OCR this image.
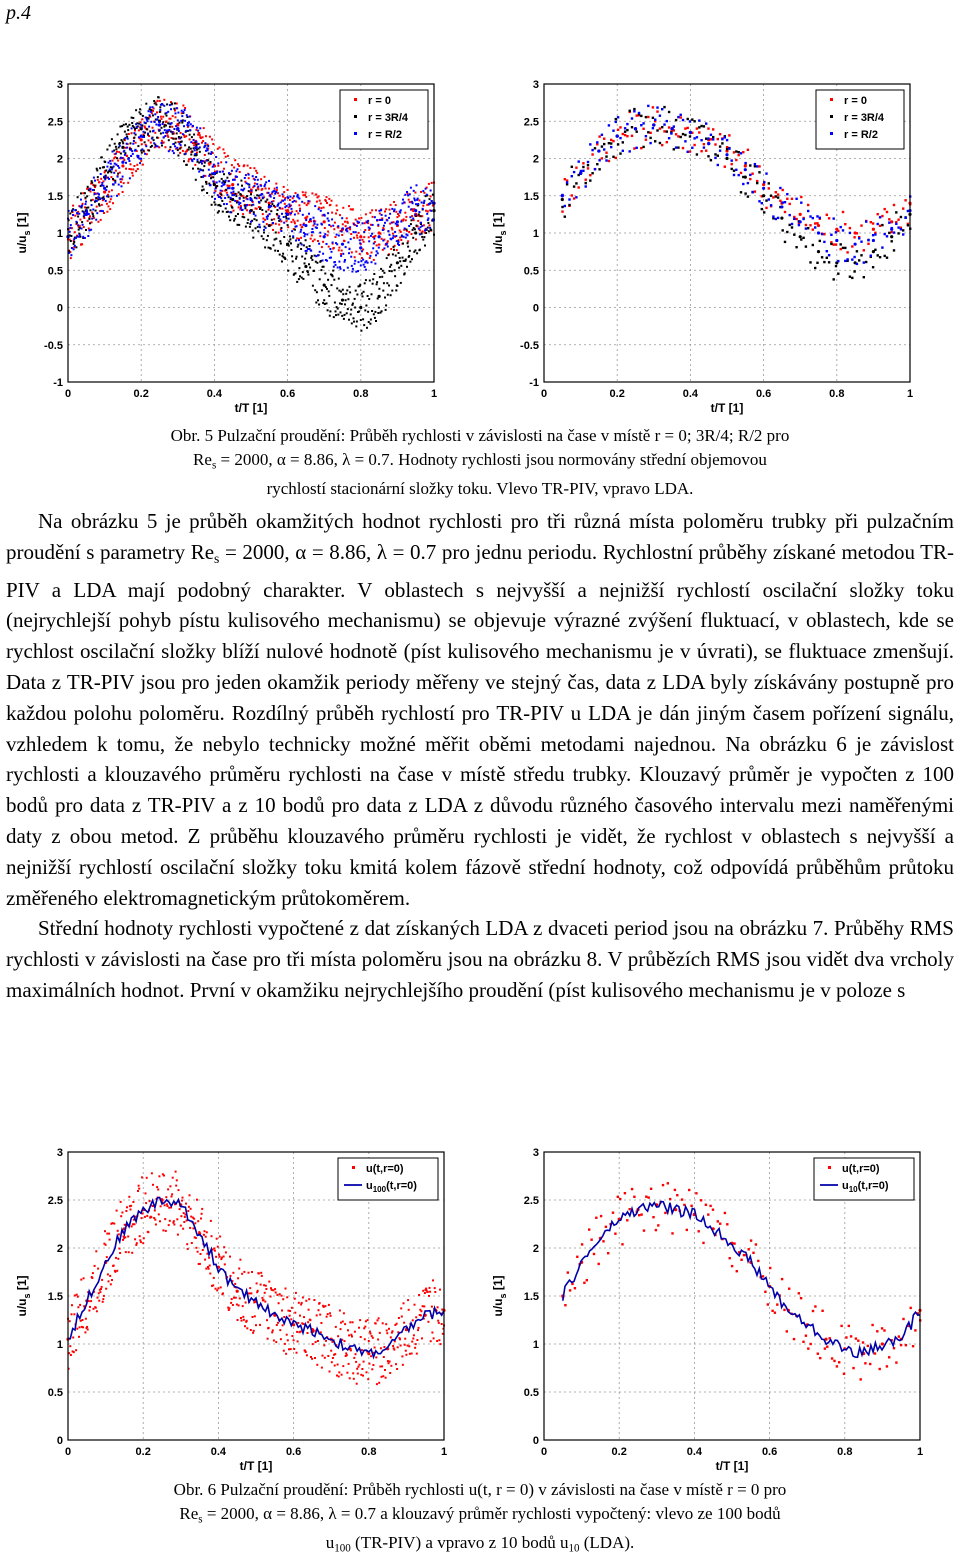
p.4
-1
-0.5
0
0.5
1
1.5
2
2.5
3
0	0.2	0.4	0.6	0.8	1
t/T [1]
$u/u_s$ [1]
r = 0
r = 3R/4
r = R/2
-1
-0.5
0
0.5
1
1.5
2
2.5
3
0	0.2	0.4	0.6	0.8	1
t/T [1]
$u/u_s$ [1]
r = 0
r = 3R/4
r = R/2
Obr. 5 Pulzační proudění: Průběh rychlosti v závislosti na čase v místě r = 0; 3R/4; R/2 pro
$Re_s = 2000$, α = 8.86, λ = 0.7. Hodnoty rychlosti jsou normovány střední objemovou
rychlostí stacionární složky toku. Vlevo TR-PIV, vpravo LDA.

Na obrázku 5 je průběh okamžitých hodnot rychlosti pro tři různá místa poloměru trubky při pulzačním proudění s parametry $Re_s = 2000$, α = 8.86, λ = 0.7 pro jednu periodu. Rychlostní průběhy získané metodou TR-PIV a LDA mají podobný charakter. V oblastech s nejvyšší a nejnižší rychlostí oscilační složky toku (nejrychlejší pohyb pístu kulisového mechanismu) se objevuje výrazné zvýšení fluktuací, v oblastech, kde se rychlost oscilační složky blíží nulové hodnotě (píst kulisového mechanismu je v úvrati), se fluktuace zmenšují. Data z TR-PIV jsou pro jeden okamžik periody měřeny ve stejný čas, data z LDA byly získávány postupně pro každou polohu poloměru. Rozdílný průběh rychlostí pro TR-PIV u LDA je dán jiným časem pořízení signálu, vzhledem k tomu, že nebylo technicky možné měřit oběmi metodami najednou. Na obrázku 6 je závislost rychlosti a klouzavého průměru rychlosti na čase v místě středu trubky. Klouzavý průměr je vypočten z 100 bodů pro data z TR-PIV a z 10 bodů pro data z LDA z důvodu různého časového intervalu mezi naměřenými daty z obou metod. Z průběhu klouzavého průměru rychlosti je vidět, že rychlost v oblastech s nejvyšší a nejnižší rychlostí oscilační složky toku kmitá kolem fázově střední hodnoty, což odpovídá průběhům průtoku změřeného elektromagnetickým průtokoměrem.

Střední hodnoty rychlosti vypočtené z dat získaných LDA z dvaceti period jsou na obrázku 7. Průběhy RMS rychlosti v závislosti na čase pro tři místa poloměru jsou na obrázku 8. V průbězích RMS jsou vidět dva vrcholy maximálních hodnot. První v okamžiku nejrychlejšího proudění (píst kulisového mechanismu je v poloze s

0
0.5
1
1.5
2
2.5
3
0	0.2	0.4	0.6	0.8	1
t/T [1]
$u/u_s$ [1]
u(t,r=0)
$u_{100}(t,r=0)$
0
0.5
1
1.5
2
2.5
3
0	0.2	0.4	0.6	0.8	1
t/T [1]
$u/u_s$ [1]
u(t,r=0)
$u_{10}(t,r=0)$
Obr. 6 Pulzační proudění: Průběh rychlosti u(t, r = 0) v závislosti na čase v místě r = 0 pro
$Re_s = 2000$, α = 8.86, λ = 0.7 a klouzavý průměr rychlosti vypočtený: vlevo ze 100 bodů
$u_{100}$ (TR-PIV) a vpravo z 10 bodů $u_{10}$ (LDA).
